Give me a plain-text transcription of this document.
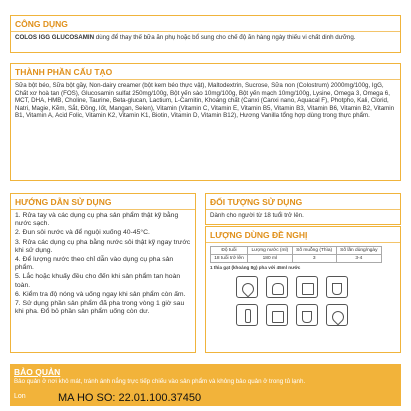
CÔNG DỤNG
COLOS IGG GLUCOSAMIN dùng để thay thế bữa ăn phụ hoặc bổ sung cho chế độ ăn hàng ngày thiếu vi chất dinh dưỡng.
THÀNH PHẦN CẤU TẠO
Sữa bột béo, Sữa bột gầy, Non-dairy creamer (bột kem béo thực vật), Maltodextrin, Sucrose, Sữa non (Colostrum) 2000mg/100g, IgG, Chất xơ hoà tan (FOS), Glucosamin sulfat 250mg/100g, Bột yến sào 10mg/100g, Bột yến mạch 10mg/100g, Lysine, Omega 3, Omega 6, MCT, DHA, HMB, Choline, Taurine, Beta-glucan, Lactium, L-Carnitin, Khoáng chất (Canxi (Canxi nano, Aquacal F), Photpho, Kali, Clorid, Natri, Magie, Kẽm, Sắt, Đồng, Iốt, Mangan, Selen), Vitamin (Vitamin C, Vitamin E, Vitamin B5, Vitamin B3, Vitamin B6, Vitamin B2, Vitamin B1, Vitamin A, Acid Folic, Vitamin K2, Vitamin K1, Biotin, Vitamin D, Vitamin B12), Hương Vanilla tổng hợp dùng trong thực phẩm.
HƯỚNG DẪN SỬ DỤNG
1. Rửa tay và các dụng cụ pha sản phẩm thật kỹ bằng nước sạch.
2. Đun sôi nước và để nguội xuống 40-45°C.
3. Rửa các dụng cụ pha bằng nước sôi thật kỹ ngay trước khi sử dụng.
4. Để lượng nước theo chỉ dẫn vào dụng cụ pha sản phẩm.
5. Lắc hoặc khuấy đều cho đến khi sản phẩm tan hoàn toàn.
6. Kiểm tra độ nóng và uống ngay khi sản phẩm còn ấm.
7. Sử dụng phần sản phẩm đã pha trong vòng 1 giờ sau khi pha. Đổ bỏ phần sản phẩm uống còn dư.
ĐỐI TƯỢNG SỬ DỤNG
Dành cho người từ 18 tuổi trở lên.
LƯỢNG DÙNG ĐỀ NGHỊ
Độ tuổi	Lượng nước (ml)	Số muỗng (Thìa)	Số lần dùng/ngày
18 tuổi trở lên	180 ml	3	3-4
1 thìa gạt (khoảng 8g) pha với 45ml nước
BẢO QUẢN
Bảo quản ở nơi khô mát, tránh ánh nắng trực tiếp chiếu vào sản phẩm và không bảo quản ở trong tủ lạnh.
Lon	MA HO SO: 22.01.100.37450
